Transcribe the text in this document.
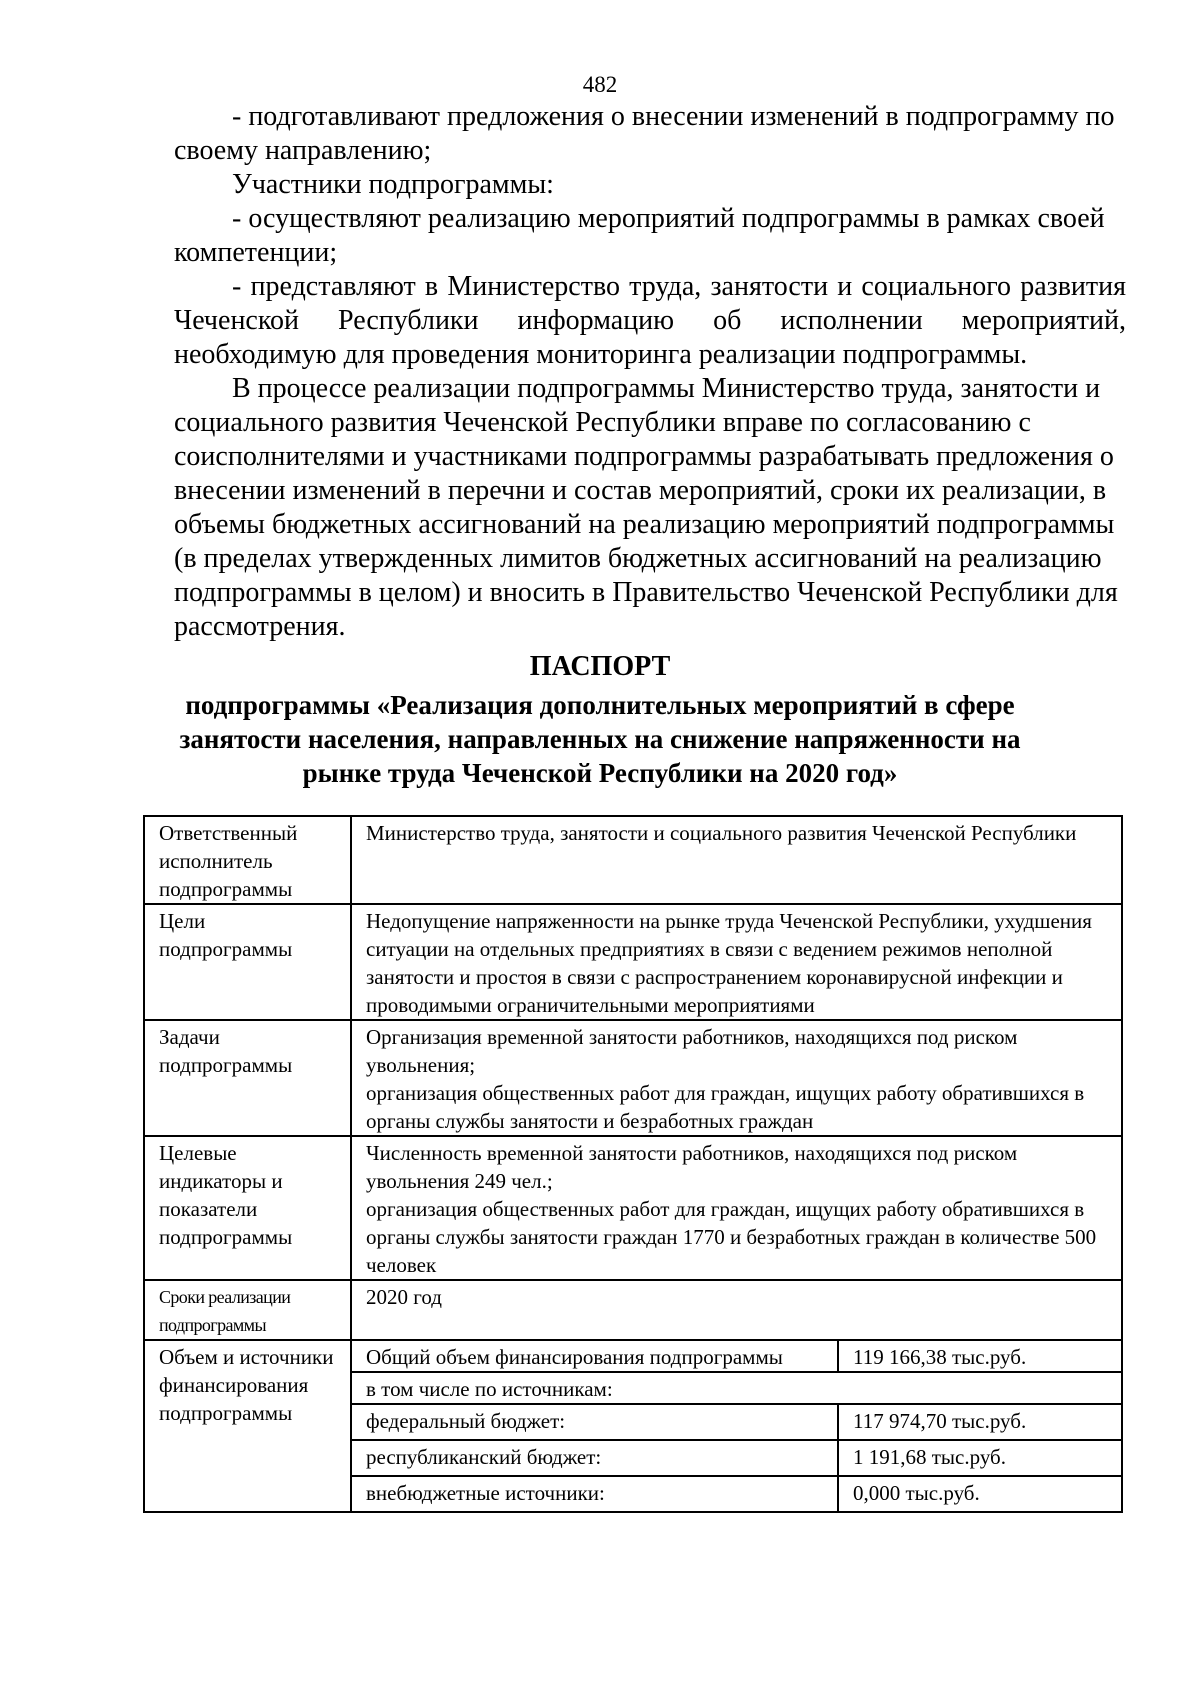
482

- подготавливают предложения о внесении изменений в подпрограмму по своему направлению;

Участники подпрограммы:

- осуществляют реализацию мероприятий подпрограммы в рамках своей компетенции;

- представляют в Министерство труда, занятости и социального развития Чеченской Республики информацию об исполнении мероприятий, необходимую для проведения мониторинга реализации подпрограммы.

В процессе реализации подпрограммы Министерство труда, занятости и социального развития Чеченской Республики вправе по согласованию с соисполнителями и участниками подпрограммы разрабатывать предложения о внесении изменений в перечни и состав мероприятий, сроки их реализации, в объемы бюджетных ассигнований на реализацию мероприятий подпрограммы (в пределах утвержденных лимитов бюджетных ассигнований на реализацию подпрограммы в целом) и вносить в Правительство Чеченской Республики для рассмотрения.

ПАСПОРТ
подпрограммы «Реализация дополнительных мероприятий в сфере занятости населения, направленных на снижение напряженности на рынке труда Чеченской Республики на 2020 год»
Ответственный исполнитель подпрограммы	Министерство труда, занятости и социального развития Чеченской Республики	
Цели подпрограммы	Недопущение напряженности на рынке труда Чеченской Республики, ухудшения ситуации на отдельных предприятиях в связи с ведением режимов неполной занятости и простоя в связи с распространением коронавирусной инфекции и проводимыми ограничительными мероприятиями	
Задачи подпрограммы	Организация временной занятости работников, находящихся под риском увольнения;
организация общественных работ для граждан, ищущих работу обратившихся в органы службы занятости и безработных граждан	

Целевые индикаторы и показатели подпрограммы	Численность временной занятости работников, находящихся под риском увольнения 249 чел.;
организация общественных работ для граждан, ищущих работу обратившихся в органы службы занятости граждан 1770 и безработных граждан в количестве 500 человек	

Сроки реализации подпрограммы	2020 год	
Объем и источники финансирования подпрограммы	Общий объем финансирования подпрограммы	119 166,38 тыс.руб.
	в том числе по источникам:	
	федеральный бюджет:	117 974,70 тыс.руб.
	республиканский бюджет:	1 191,68 тыс.руб.
	внебюджетные источники:	0,000 тыс.руб.
